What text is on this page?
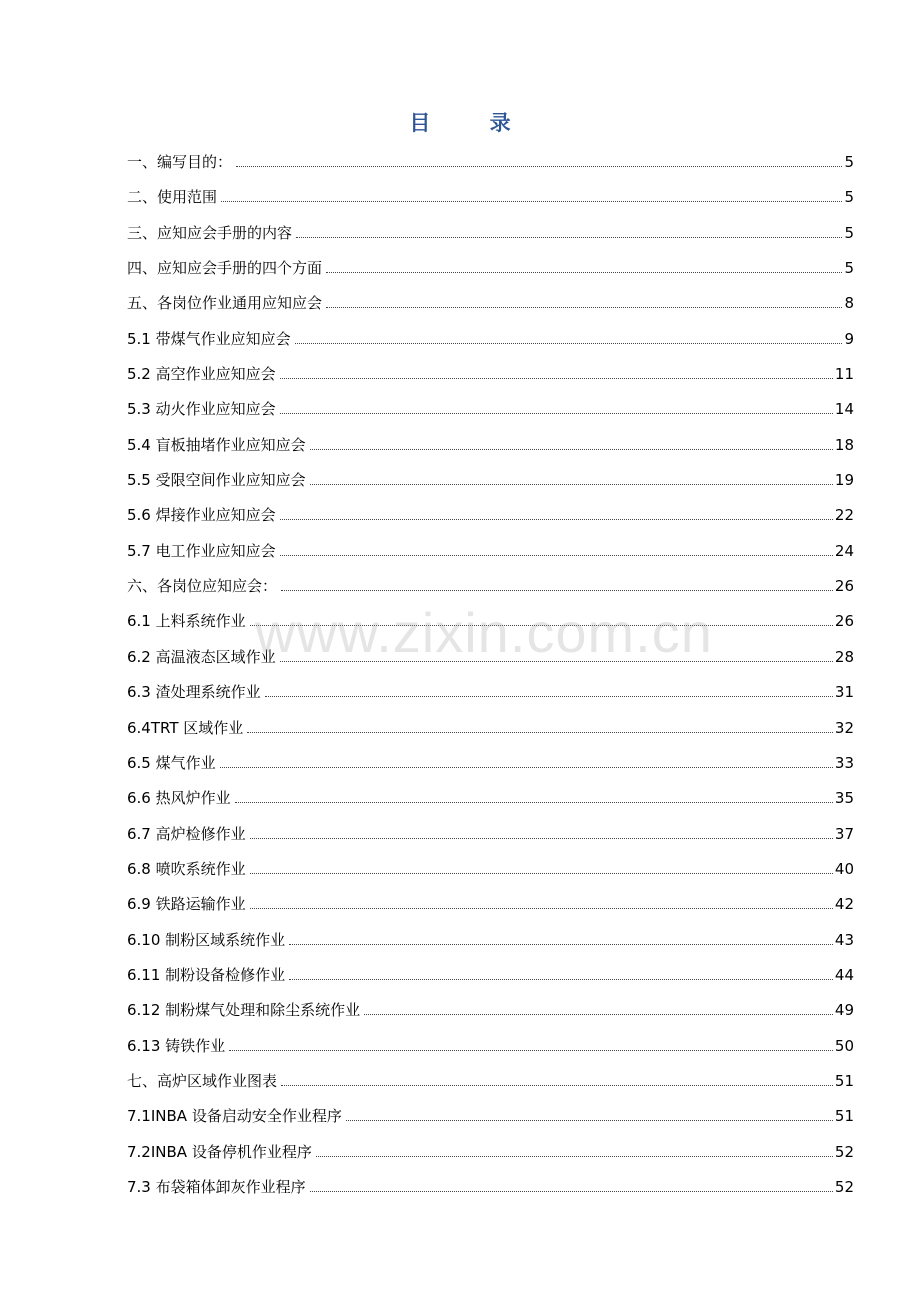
目 录
一、编写目的：	5
二、使用范围	5
三、应知应会手册的内容	5
四、应知应会手册的四个方面	5
五、各岗位作业通用应知应会	8
5.1 带煤气作业应知应会	9
5.2 高空作业应知应会	11
5.3 动火作业应知应会	14
5.4 盲板抽堵作业应知应会	18
5.5 受限空间作业应知应会	19
5.6 焊接作业应知应会	22
5.7 电工作业应知应会	24
六、各岗位应知应会：	26
6.1 上料系统作业	26
6.2 高温液态区域作业	28
6.3 渣处理系统作业	31
6.4TRT 区域作业	32
6.5 煤气作业	33
6.6 热风炉作业	35
6.7 高炉检修作业	37
6.8 喷吹系统作业	40
6.9 铁路运输作业	42
6.10 制粉区域系统作业	43
6.11 制粉设备检修作业	44
6.12 制粉煤气处理和除尘系统作业	49
6.13 铸铁作业	50
七、高炉区域作业图表	51
7.1INBA 设备启动安全作业程序	51
7.2INBA 设备停机作业程序	52
7.3 布袋箱体卸灰作业程序	52
www.zixin.com.cn
